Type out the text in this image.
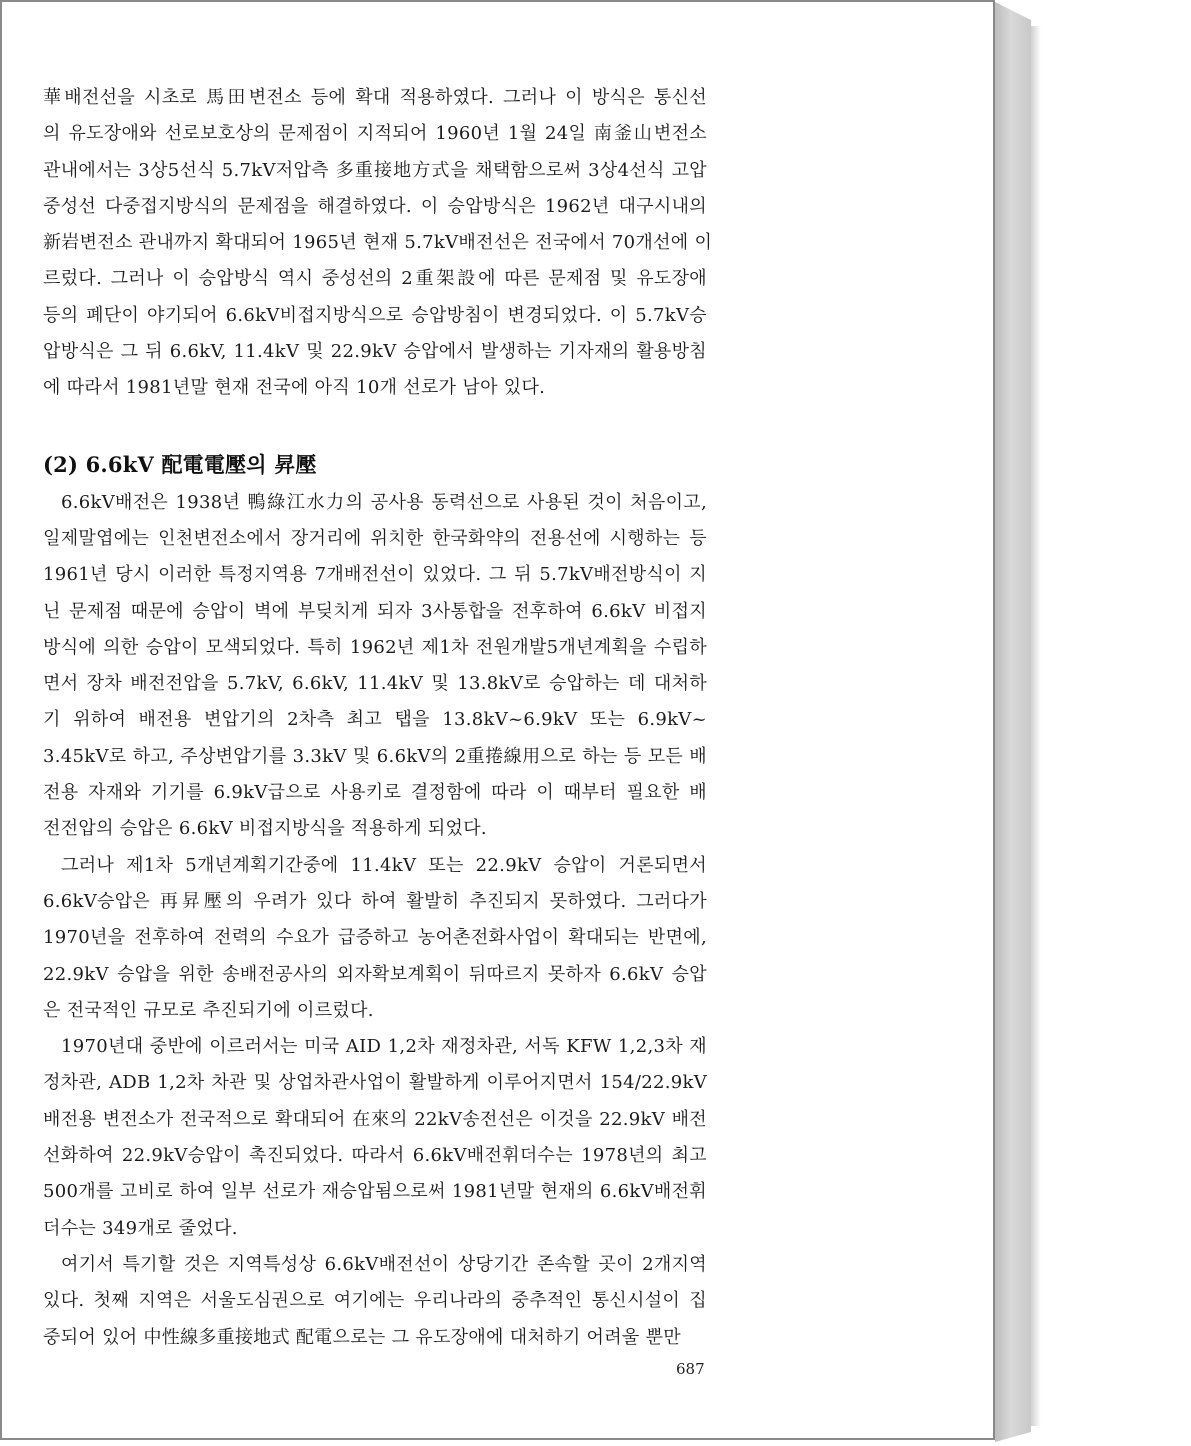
華배전선을 시초로 馬田변전소 등에 확대 적용하였다. 그러나 이 방식은 통신선
의 유도장애와 선로보호상의 문제점이 지적되어 1960년 1월 24일 南釜山변전소
관내에서는 3상5선식 5.7kV저압측 多重接地方式을 채택함으로써 3상4선식 고압
중성선 다중접지방식의 문제점을 해결하였다. 이 승압방식은 1962년 대구시내의
新岩변전소 관내까지 확대되어 1965년 현재 5.7kV배전선은 전국에서 70개선에 이
르렀다. 그러나 이 승압방식 역시 중성선의 2重架設에 따른 문제점 및 유도장애
등의 폐단이 야기되어 6.6kV비접지방식으로 승압방침이 변경되었다. 이 5.7kV승
압방식은 그 뒤 6.6kV, 11.4kV 및 22.9kV 승압에서 발생하는 기자재의 활용방침
에 따라서 1981년말 현재 전국에 아직 10개 선로가 남아 있다.
(2) 6.6kV 配電電壓의 昇壓
6.6kV배전은 1938년 鴨綠江水力의 공사용 동력선으로 사용된 것이 처음이고,
일제말엽에는 인천변전소에서 장거리에 위치한 한국화약의 전용선에 시행하는 등
1961년 당시 이러한 특정지역용 7개배전선이 있었다. 그 뒤 5.7kV배전방식이 지
닌 문제점 때문에 승압이 벽에 부딪치게 되자 3사통합을 전후하여 6.6kV 비접지
방식에 의한 승압이 모색되었다. 특히 1962년 제1차 전원개발5개년계획을 수립하
면서 장차 배전전압을 5.7kV, 6.6kV, 11.4kV 및 13.8kV로 승압하는 데 대처하
기 위하여 배전용 변압기의 2차측 최고 탭을 13.8kV~6.9kV 또는 6.9kV~
3.45kV로 하고, 주상변압기를 3.3kV 및 6.6kV의 2重捲線用으로 하는 등 모든 배
전용 자재와 기기를 6.9kV급으로 사용키로 결정함에 따라 이 때부터 필요한 배
전전압의 승압은 6.6kV 비접지방식을 적용하게 되었다.
그러나 제1차 5개년계획기간중에 11.4kV 또는 22.9kV 승압이 거론되면서
6.6kV승압은 再昇壓의 우려가 있다 하여 활발히 추진되지 못하였다. 그러다가
1970년을 전후하여 전력의 수요가 급증하고 농어촌전화사업이 확대되는 반면에,
22.9kV 승압을 위한 송배전공사의 외자확보계획이 뒤따르지 못하자 6.6kV 승압
은 전국적인 규모로 추진되기에 이르렀다.
1970년대 중반에 이르러서는 미국 AID 1,2차 재정차관, 서독 KFW 1,2,3차 재
정차관, ADB 1,2차 차관 및 상업차관사업이 활발하게 이루어지면서 154/22.9kV
배전용 변전소가 전국적으로 확대되어 在來의 22kV송전선은 이것을 22.9kV 배전
선화하여 22.9kV승압이 촉진되었다. 따라서 6.6kV배전휘더수는 1978년의 최고
500개를 고비로 하여 일부 선로가 재승압됨으로써 1981년말 현재의 6.6kV배전휘
더수는 349개로 줄었다.
여기서 특기할 것은 지역특성상 6.6kV배전선이 상당기간 존속할 곳이 2개지역
있다. 첫째 지역은 서울도심권으로 여기에는 우리나라의 중추적인 통신시설이 집
중되어 있어 中性線多重接地式 配電으로는 그 유도장애에 대처하기 어려울 뿐만
687
